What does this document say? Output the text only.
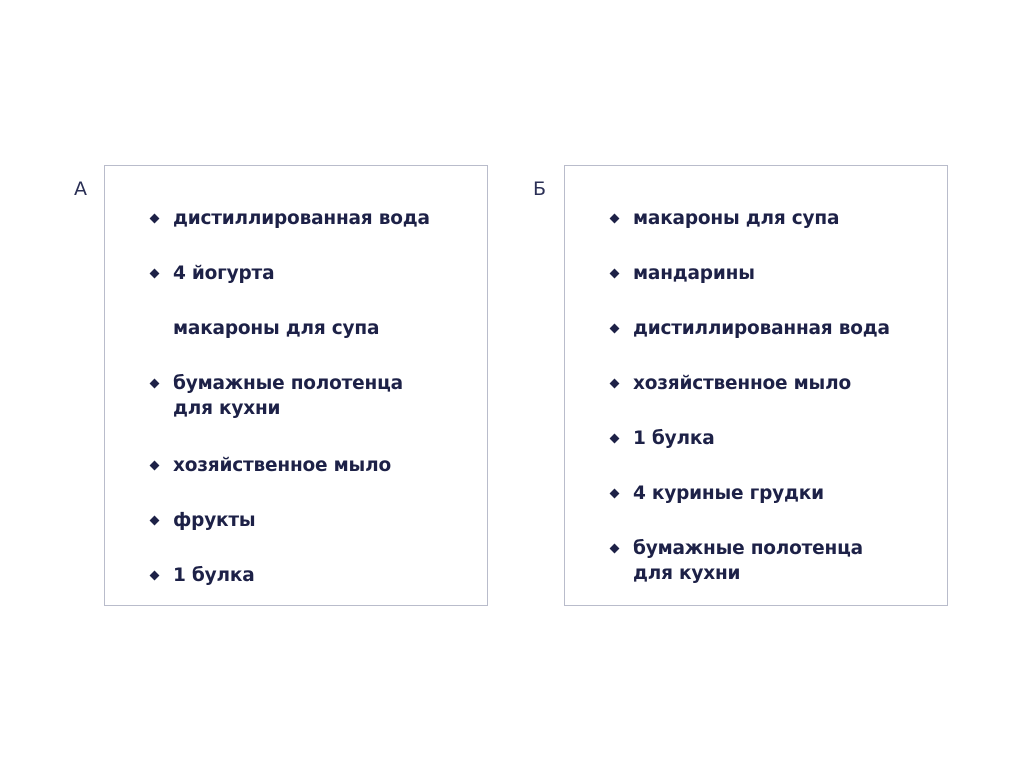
А
дистиллированная вода
4 йогурта
макароны для супа
бумажные полотенца
для кухни
хозяйственное мыло
фрукты
1 булка
Б
макароны для супа
мандарины
дистиллированная вода
хозяйственное мыло
1 булка
4 куриные грудки
бумажные полотенца
для кухни
